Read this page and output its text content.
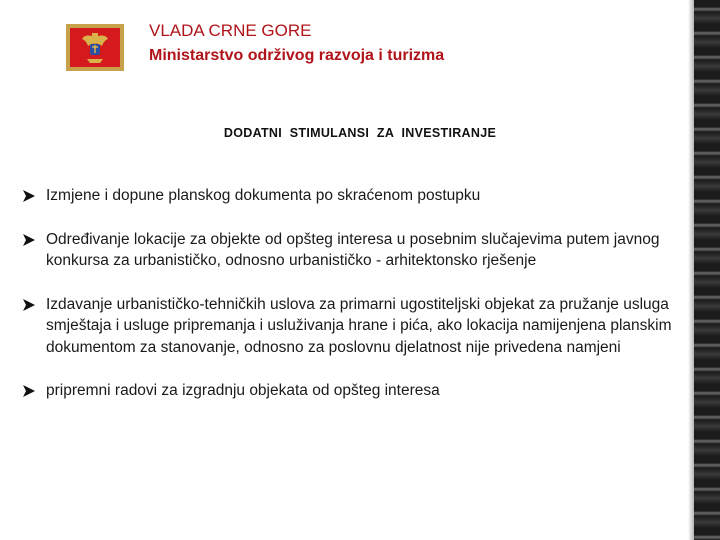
VLADA CRNE GORE
Ministarstvo održivog razvoja i turizma
DODATNI STIMULANSI ZA INVESTIRANJE
Izmjene i dopune planskog dokumenta po skraćenom postupku
Određivanje lokacije za objekte od opšteg interesa u posebnim slučajevima putem javnog konkursa za urbanističko, odnosno urbanističko - arhitektonsko rješenje
Izdavanje urbanističko-tehničkih uslova za primarni ugostiteljski objekat za pružanje usluga smještaja i usluge pripremanja i usluživanja hrane i pića, ako lokacija namijenjena planskim dokumentom za stanovanje, odnosno za poslovnu djelatnost nije privedena namjeni
pripremni radovi za izgradnju objekata od opšteg interesa
